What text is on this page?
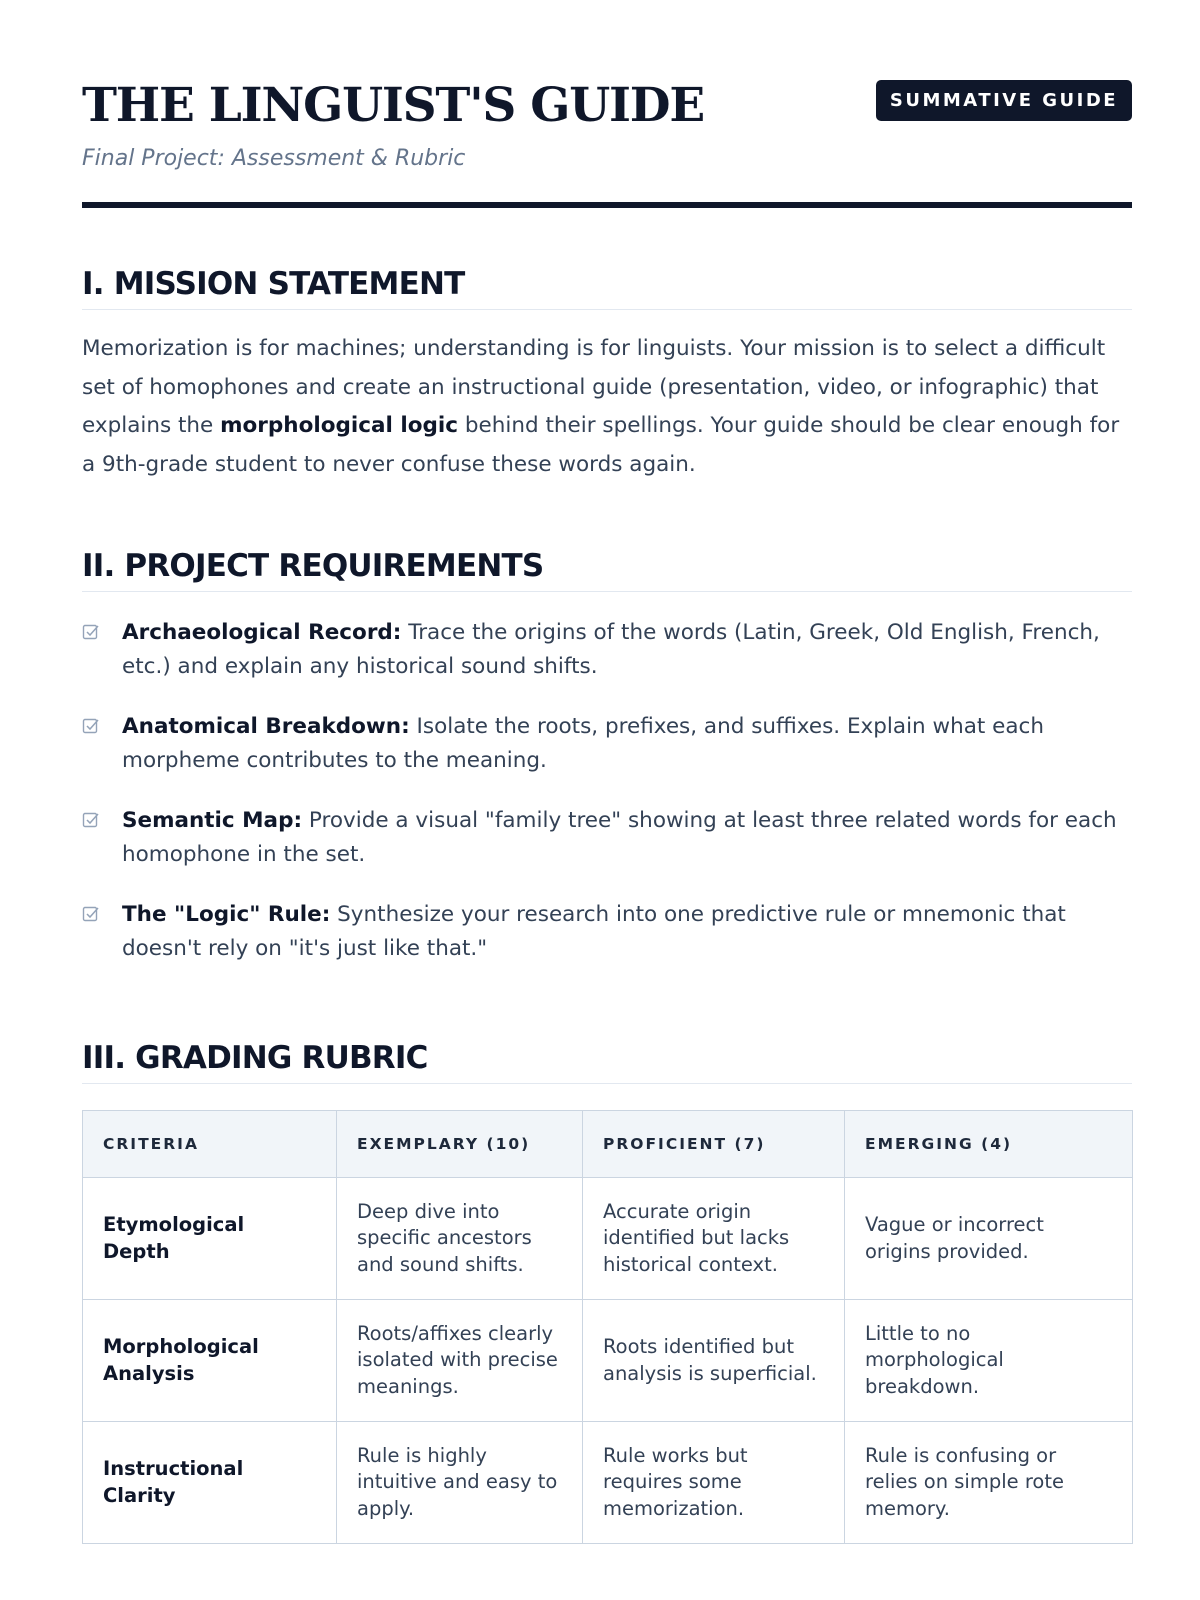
THE LINGUIST'S GUIDE
Final Project: Assessment & Rubric
SUMMATIVE GUIDE
I. MISSION STATEMENT

Memorization is for machines; understanding is for linguists. Your mission is to select a difficult set of homophones and create an instructional guide (presentation, video, or infographic) that explains the morphological logic behind their spellings. Your guide should be clear enough for a 9th-grade student to never confuse these words again.

II. PROJECT REQUIREMENTS
Archaeological Record: Trace the origins of the words (Latin, Greek, Old English, French, etc.) and explain any historical sound shifts.
Anatomical Breakdown: Isolate the roots, prefixes, and suffixes. Explain what each morpheme contributes to the meaning.
Semantic Map: Provide a visual "family tree" showing at least three related words for each homophone in the set.
The "Logic" Rule: Synthesize your research into one predictive rule or mnemonic that doesn't rely on "it's just like that."
III. GRADING RUBRIC
CRITERIA	EXEMPLARY (10)	PROFICIENT (7)	EMERGING (4)
Etymological Depth	Deep dive into specific ancestors and sound shifts.	Accurate origin identified but lacks historical context.	Vague or incorrect origins provided.
Morphological Analysis	Roots/affixes clearly isolated with precise meanings.	Roots identified but analysis is superficial.	Little to no morphological breakdown.
Instructional Clarity	Rule is highly intuitive and easy to apply.	Rule works but requires some memorization.	Rule is confusing or relies on simple rote memory.
